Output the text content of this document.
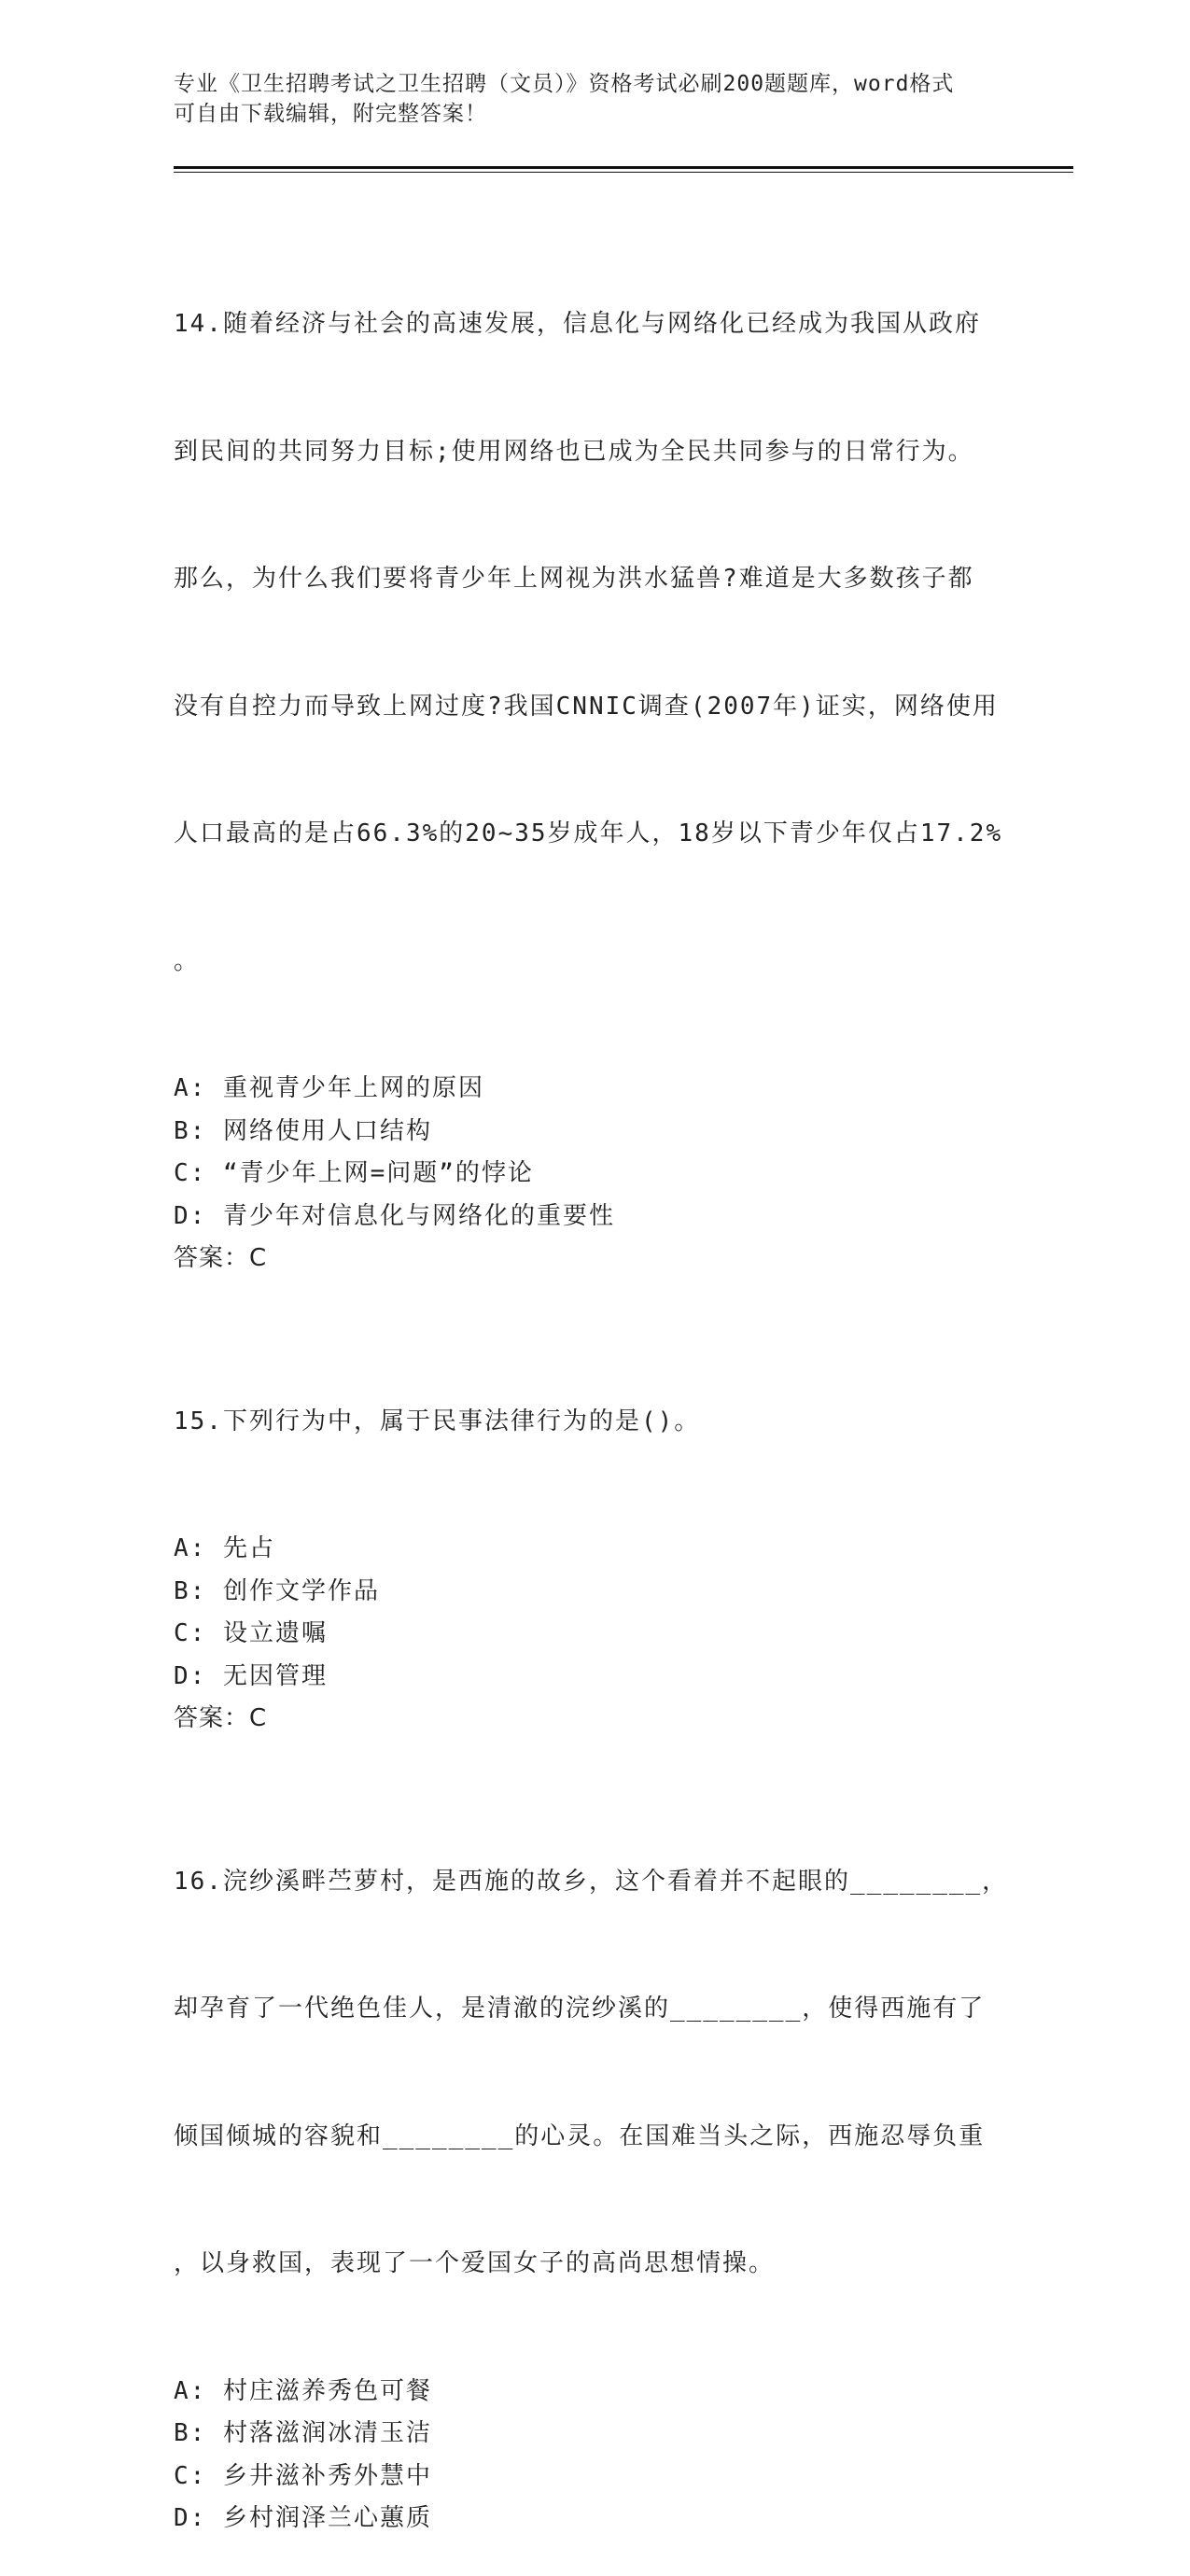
专业《卫生招聘考试之卫生招聘（文员）》资格考试必刷200题题库，word格式
可自由下载编辑，附完整答案！

14.随着经济与社会的高速发展，信息化与网络化已经成为我国从政府

到民间的共同努力目标;使用网络也已成为全民共同参与的日常行为。

那么，为什么我们要将青少年上网视为洪水猛兽?难道是大多数孩子都

没有自控力而导致上网过度?我国CNNIC调查(2007年)证实，网络使用

人口最高的是占66.3%的20~35岁成年人，18岁以下青少年仅占17.2%

。

A: 重视青少年上网的原因
B: 网络使用人口结构
C: “青少年上网=问题”的悖论
D: 青少年对信息化与网络化的重要性
答案：C

15.下列行为中，属于民事法律行为的是()。

A: 先占
B: 创作文学作品
C: 设立遗嘱
D: 无因管理
答案：C

16.浣纱溪畔苎萝村，是西施的故乡，这个看着并不起眼的________，

却孕育了一代绝色佳人，是清澈的浣纱溪的________，使得西施有了

倾国倾城的容貌和________的心灵。在国难当头之际，西施忍辱负重

，以身救国，表现了一个爱国女子的高尚思想情操。

A: 村庄滋养秀色可餐
B: 村落滋润冰清玉洁
C: 乡井滋补秀外慧中
D: 乡村润泽兰心蕙质
